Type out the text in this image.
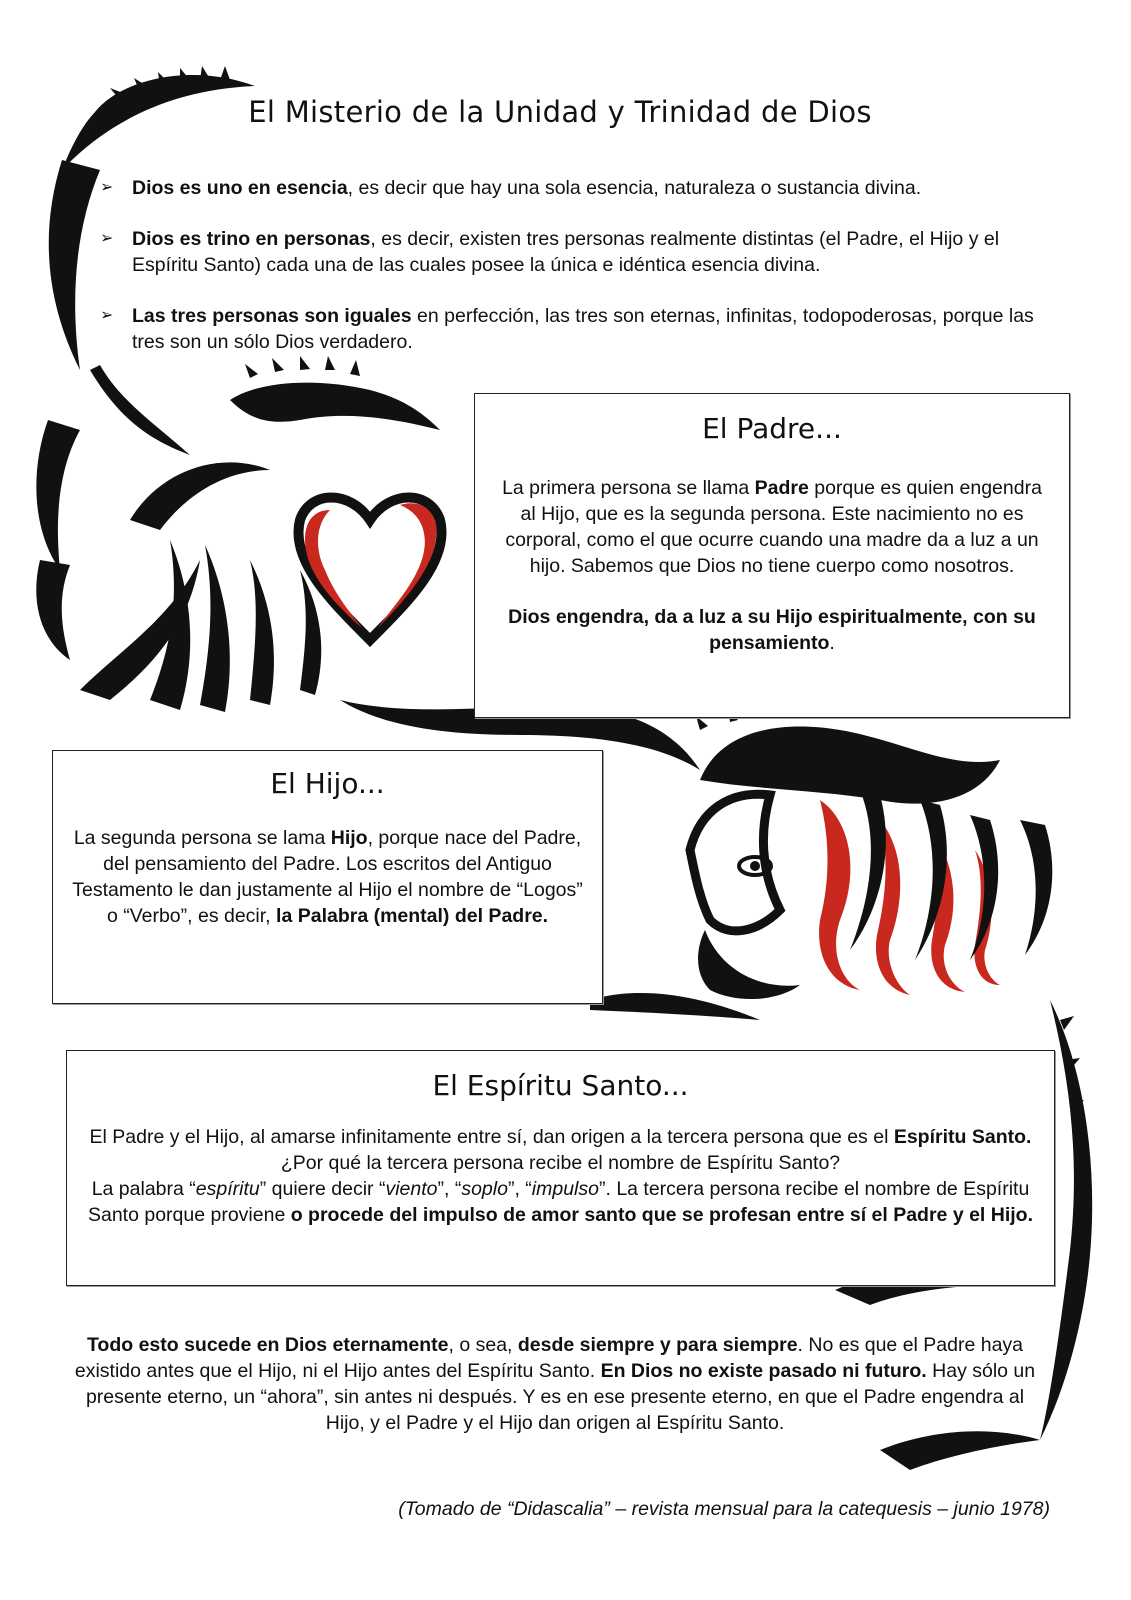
El Misterio de la Unidad y Trinidad de Dios
➢ Dios es uno en esencia, es decir que hay una sola esencia, naturaleza o sustancia divina.
➢ Dios es trino en personas, es decir, existen tres personas realmente distintas (el Padre, el Hijo y el Espíritu Santo) cada una de las cuales posee la única e idéntica esencia divina.
➢ Las tres personas son iguales en perfección, las tres son eternas, infinitas, todopoderosas, porque las tres son un sólo Dios verdadero.
El Padre...

La primera persona se llama Padre porque es quien engendra al Hijo, que es la segunda persona. Este nacimiento no es corporal, como el que ocurre cuando una madre da a luz a un hijo. Sabemos que Dios no tiene cuerpo como nosotros.

Dios engendra, da a luz a su Hijo espiritualmente, con su pensamiento.

El Hijo...

La segunda persona se lama Hijo, porque nace del Padre, del pensamiento del Padre. Los escritos del Antiguo Testamento le dan justamente al Hijo el nombre de “Logos” o “Verbo”, es decir, la Palabra (mental) del Padre.

El Espíritu Santo...

El Padre y el Hijo, al amarse infinitamente entre sí, dan origen a la tercera persona que es el Espíritu Santo. ¿Por qué la tercera persona recibe el nombre de Espíritu Santo?
La palabra “espíritu” quiere decir “viento”, “soplo”, “impulso”. La tercera persona recibe el nombre de Espíritu Santo porque proviene o procede del impulso de amor santo que se profesan entre sí el Padre y el Hijo.

Todo esto sucede en Dios eternamente, o sea, desde siempre y para siempre. No es que el Padre haya existido antes que el Hijo, ni el Hijo antes del Espíritu Santo. En Dios no existe pasado ni futuro. Hay sólo un presente eterno, un “ahora”, sin antes ni después. Y es en ese presente eterno, en que el Padre engendra al Hijo, y el Padre y el Hijo dan origen al Espíritu Santo.

(Tomado de “Didascalia” – revista mensual para la catequesis – junio 1978)
